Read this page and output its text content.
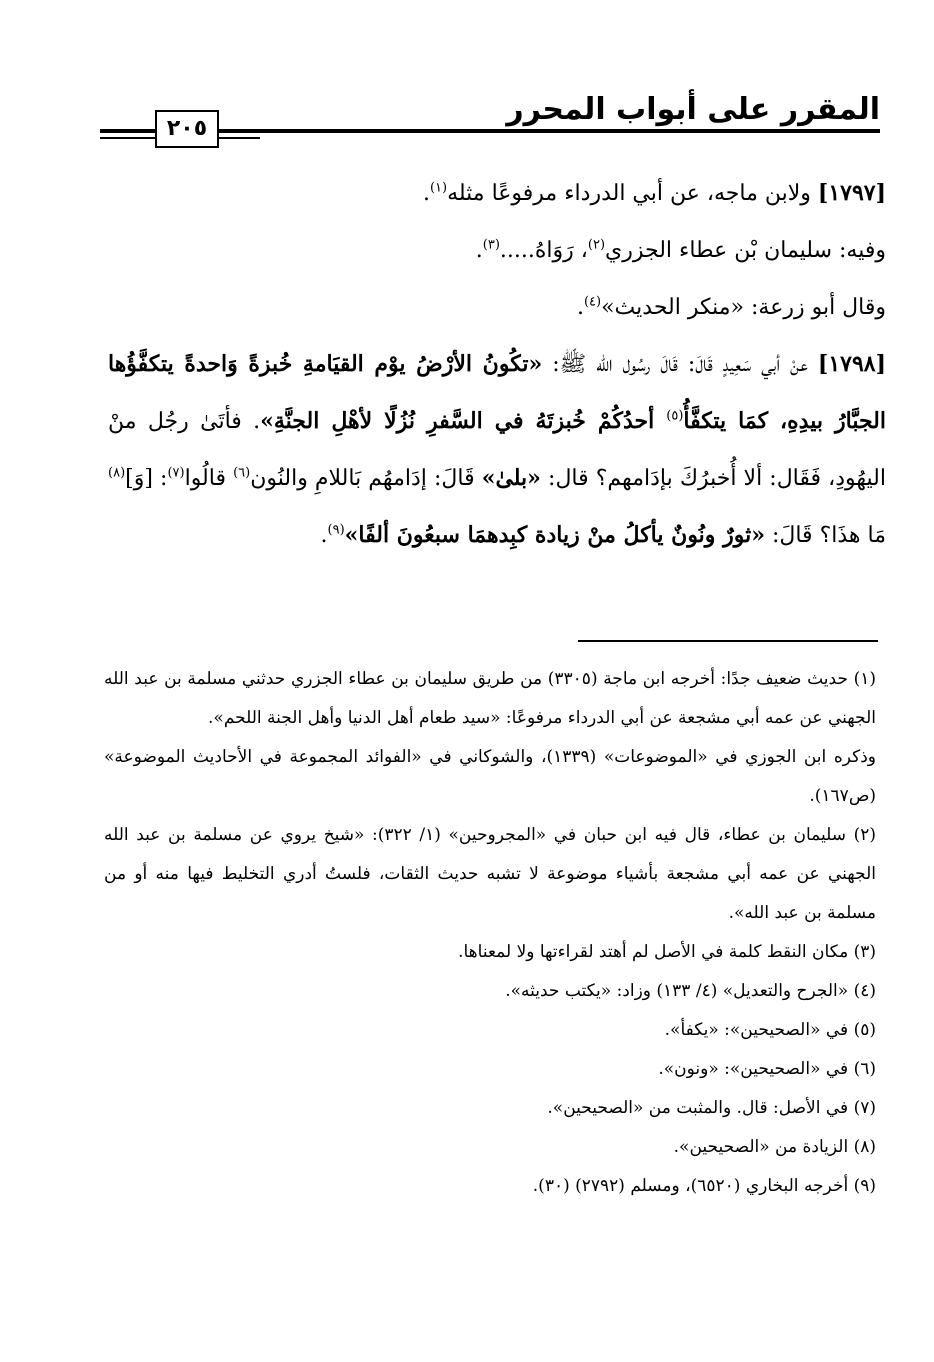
المقرر على أبواب المحرر
٢٠٥

[١٧٩٧] ولابن ماجه، عن أبي الدرداء مرفوعًا مثله$^{(١)}$.

وفيه: سليمان بْن عطاء الجزري$^{(٢)}$، رَوَاهُ.....$^{(٣)}$.

وقال أبو زرعة: «منكر الحديث»$^{(٤)}$.

[١٧٩٨] عنْ أبي سَعِيدٍ قَالَ: قَالَ رسُول الله ﷺ: «تكُونُ الأرْضُ يوْم القيَامةِ خُبزةً وَاحدةً يتكفَّؤُها الجبَّارُ بيدِهِ، كمَا يتكفَّأُ$^{(٥)}$ أحدُكُمْ خُبزتَهُ في السَّفرِ نُزُلًا لأهْلِ الجنَّةِ». فأتَىٰ رجُل منْ اليهُودِ، فَقَال: ألا أُخبرُكَ بإدَامهم؟ قال: «بلىٰ» قَالَ: إدَامهُم بَاللامِ والنُون$^{(٦)}$ قالُوا$^{(٧)}$: [وَ]$^{(٨)}$ مَا هذَا؟ قَالَ: «ثورٌ ونُونٌ يأكلُ منْ زيادة كبِدهمَا سبعُونَ ألفًا»$^{(٩)}$.

(١) حديث ضعيف جدًا: أخرجه ابن ماجة (٣٣٠٥) من طريق سليمان بن عطاء الجزري حدثني مسلمة بن عبد الله الجهني عن عمه أبي مشجعة عن أبي الدرداء مرفوعًا: «سيد طعام أهل الدنيا وأهل الجنة اللحم».

وذكره ابن الجوزي في «الموضوعات» (١٣٣٩)، والشوكاني في «الفوائد المجموعة في الأحاديث الموضوعة» (ص١٦٧).

(٢) سليمان بن عطاء، قال فيه ابن حبان في «المجروحين» (١/ ٣٢٢): «شيخ يروي عن مسلمة بن عبد الله الجهني عن عمه أبي مشجعة بأشياء موضوعة لا تشبه حديث الثقات، فلستُ أدري التخليط فيها منه أو من مسلمة بن عبد الله».

(٣) مكان النقط كلمة في الأصل لم أهتد لقراءتها ولا لمعناها.

(٤) «الجرح والتعديل» (٤/ ١٣٣) وزاد: «يكتب حديثه».

(٥) في «الصحيحين»: «يكفأ».

(٦) في «الصحيحين»: «ونون».

(٧) في الأصل: قال. والمثبت من «الصحيحين».

(٨) الزيادة من «الصحيحين».

(٩) أخرجه البخاري (٦٥٢٠)، ومسلم (٢٧٩٢) (٣٠).
